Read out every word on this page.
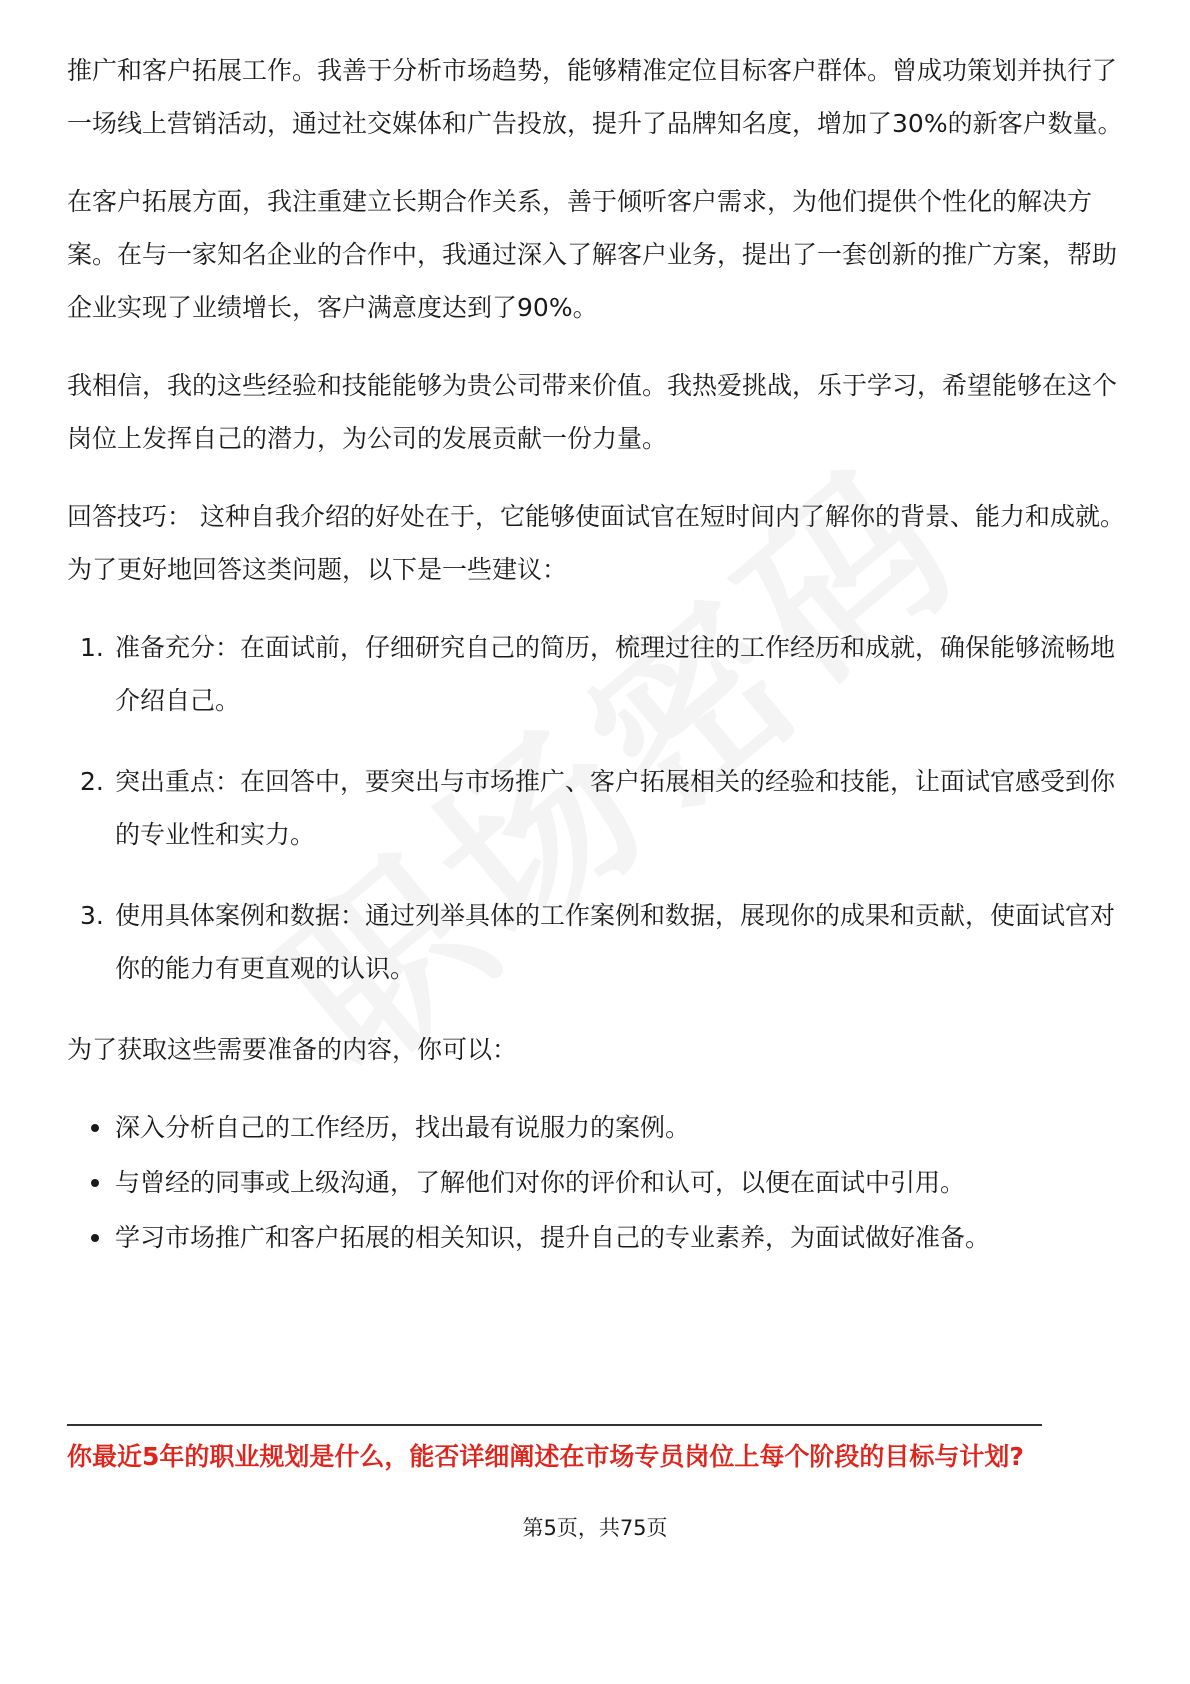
推广和客户拓展工作。我善于分析市场趋势，能够精准定位目标客户群体。曾成功策划并执行了一场线上营销活动，通过社交媒体和广告投放，提升了品牌知名度，增加了30%的新客户数量。

在客户拓展方面，我注重建立长期合作关系，善于倾听客户需求，为他们提供个性化的解决方案。在与一家知名企业的合作中，我通过深入了解客户业务，提出了一套创新的推广方案，帮助企业实现了业绩增长，客户满意度达到了90%。

我相信，我的这些经验和技能能够为贵公司带来价值。我热爱挑战，乐于学习，希望能够在这个岗位上发挥自己的潜力，为公司的发展贡献一份力量。

回答技巧： 这种自我介绍的好处在于，它能够使面试官在短时间内了解你的背景、能力和成就。为了更好地回答这类问题，以下是一些建议：

1. 准备充分：在面试前，仔细研究自己的简历，梳理过往的工作经历和成就，确保能够流畅地介绍自己。
2. 突出重点：在回答中，要突出与市场推广、客户拓展相关的经验和技能，让面试官感受到你的专业性和实力。
3. 使用具体案例和数据：通过列举具体的工作案例和数据，展现你的成果和贡献，使面试官对你的能力有更直观的认识。

为了获取这些需要准备的内容，你可以：

深入分析自己的工作经历，找出最有说服力的案例。
与曾经的同事或上级沟通，了解他们对你的评价和认可，以便在面试中引用。
学习市场推广和客户拓展的相关知识，提升自己的专业素养，为面试做好准备。
你最近5年的职业规划是什么，能否详细阐述在市场专员岗位上每个阶段的目标与计划?
第5页，共75页
